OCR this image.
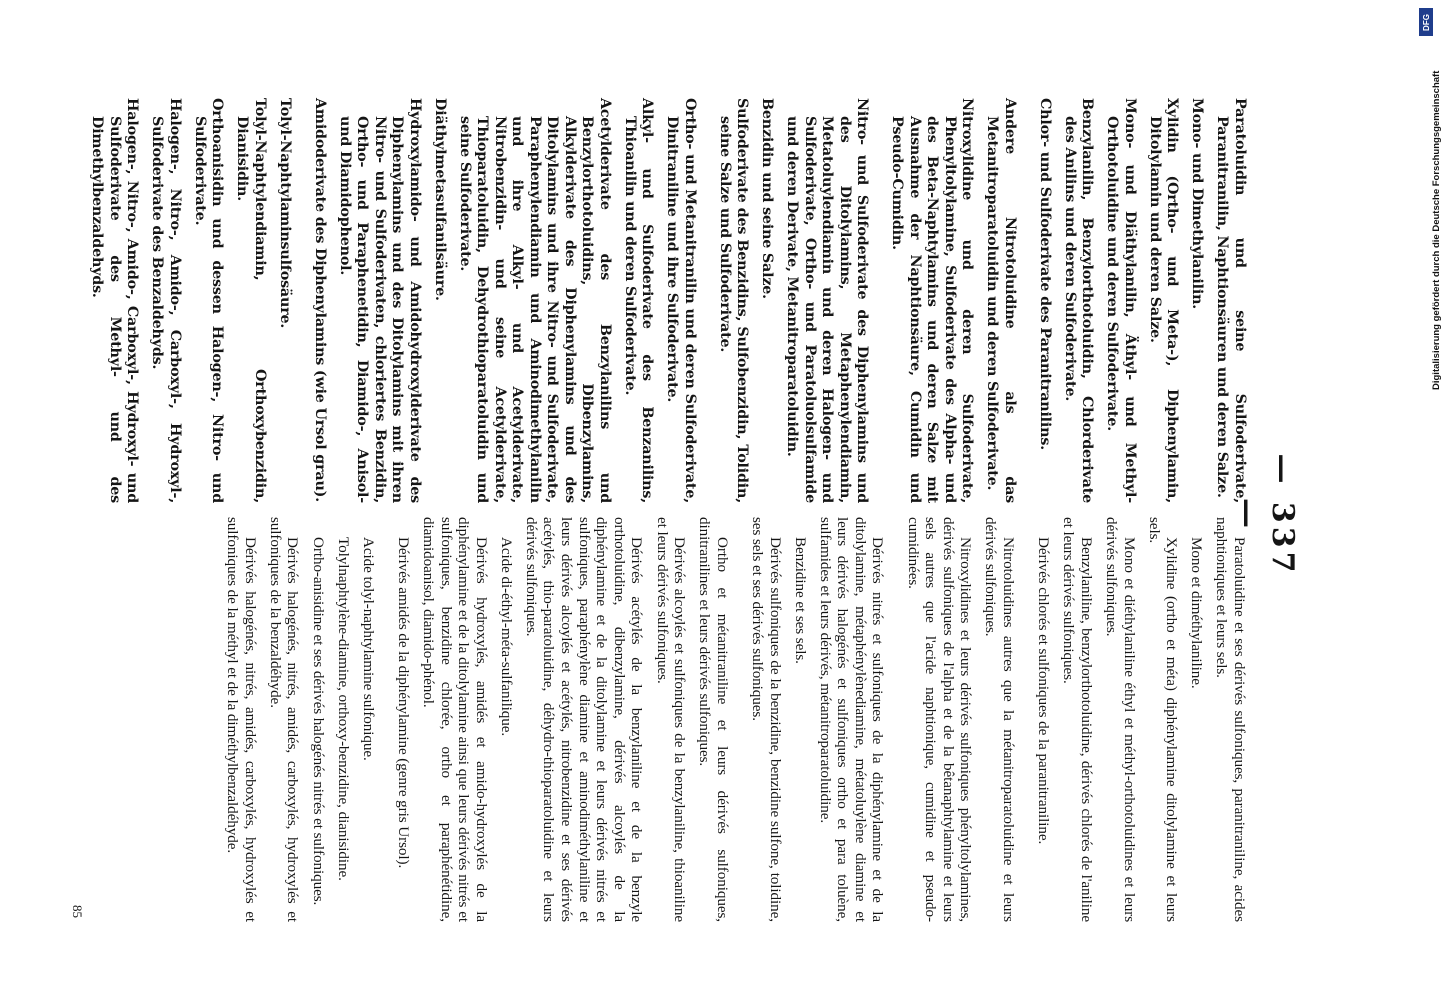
— 337 —

Paratoluidin und seine Sulfoderivate, Paranitranilin, Naphtionsäuren und deren Salze.

Mono- und Dimethylanilin.

Xylidin (Ortho- und Meta-), Diphenylamin, Ditolylamin und deren Salze.

Mono- und Diäthylanilin, Äthyl- und Methyl-Orthotoluidine und deren Sulfoderivate.

Benzylanilin, Benzylorthotoluidin, Chlorderivate des Anilins und deren Sulfoderivate.

Chlor- und Sulfoderivate des Paranitranilins.

Andere Nitrotoluidine als das Metanitroparatoluidin und deren Sulfoderivate.

Nitroxylidine und deren Sulfoderivate, Phenyltolylamine, Sulfoderivate des Alpha- und des Beta-Naphtylamins und deren Salze mit Ausnahme der Naphtionsäure, Cumidin und Pseudo-Cumidin.

Nitro- und Sulfoderivate des Diphenylamins und des Ditolylamins, Metaphenylendiamin, Metatoluylendiamin und deren Halogen- und Sulfoderivate, Ortho- und Paratoluolsulfamide und deren Derivate, Metanitroparatoluidin.

Benzidin und seine Salze.

Sulfoderivate des Benzidins, Sulfobenzidin, Tolidin, seine Salze und Sulfoderivate.

Ortho- und Metanitranilin und deren Sulfoderivate, Dinitraniline und ihre Sulfoderivate.

Alkyl- und Sulfoderivate des Benzanilins, Thioanilin und deren Sulfoderivate.

Acetylderivate des Benzylanilins und Benzylorthotoluidins, Dibenzylamins, Alkylderivate des Diphenylamins und des Ditolylamins und ihre Nitro- und Sulfoderivate, Paraphenylendiamin und Aminodimethylanilin und ihre Alkyl- und Acetylderivate, Nitrobenzidin- und seine Acetylderivate, Thioparatoluidin, Dehydrothioparatoluidin und seine Sulfoderivate.

Diäthylmetasulfanilsäure.

Hydroxylamido- und Amidohydroxylderivate des Diphenylamins und des Ditolylamins mit ihren Nitro- und Sulfoderivaten, chloriertes Benzidin, Ortho- und Paraphenetidin, Diamido-, Anisol- und Diamidophenol.

Amidoderivate des Diphenylamins (wie Ursol grau).

Tolyl-Naphtylaminsulfosäure.

Tolyl-Naphtylendiamin, Orthoxybenzidin, Dianisidin.

Orthoanisidin und dessen Halogen-, Nitro- und Sulfoderivate.

Halogen-, Nitro-, Amido-, Carboxyl-, Hydroxyl-, Sulfoderivate des Benzaldehyds.

Halogen-, Nitro-, Amido-, Carboxyl-, Hydroxyl- und Sulfoderivate des Methyl- und des Dimethylbenzaldehyds.

Paratoluidine et ses dérivés sulfoniques, paranitraniline, acides naphtioniques et leurs sels.

Mono et diméthylaniline.

Xylidine (ortho et méta) diphénylamine ditolylamine et leurs sels.

Mono et diéthylaniline éthyl et méthyl-orthotoluidines et leurs dérivés sulfoniques.

Benzylaniline, benzylorthotoluidine, dérivés chlorés de l'aniline et leurs dérivés sulfoniques.

Dérivés chlorés et sulfoniques de la paranitraniline.

Nitrotoluidines autres que la métanitroparatoluidine et leurs dérivés sulfoniques.

Nitroxylidines et leurs dérivés sulfoniques phényltolylamines, dérivés sulfoniques de l'alpha et de la bêtanaphtylamine et leurs sels autres que l'acide naphtionique, cumidine et pseudo-cumidinées.

Dérivés nitrés et sulfoniques de la diphénylamine et de la ditolylamine, métaphénylènediamine, métatoluylène diamine et leurs dérivés halogénés et sulfoniques ortho et para toluène, sulfamides et leurs dérivés, métanitroparatoluidine.

Benzidine et ses sels.

Dérivés sulfoniques de la benzidine, benzidine sulfone, tolidine, ses sels et ses dérivés sulfoniques.

Ortho et métanitraniline et leurs dérivés sulfoniques, dinitranilines et leurs dérivés sulfoniques.

Dérivés alcoylés et sulfoniques de la benzylaniline, thioaniline et leurs dérivés sulfoniques.

Dérivés acétylés de la benzylaniline et de la benzyle orthotoluidine, dibenzylamine, dérivés alcoylés de la diphénylamine et de la ditolylamine et leurs dérivés nitrés et sulfoniques, paraphénylène diamine et aminodiméthylaniline et leurs dérivés alcoylés et acétylés, nitrobenzidine et ses dérivés acétylés, thio-paratoluidine, déhydro-thioparatoluidine et leurs dérivés sulfoniques.

Acide di-éthyl-méta-sulfanilique.

Dérivés hydroxylés, amidés et amido-hydroxylés de la diphénylamine et de la ditolylamine ainsi que leurs dérivés nitrés et sulfoniques, benzidine chlorée, ortho et paraphénétidine, diamidoanisol, diamido-phénol.

Dérivés amidés de la diphénylamine (genre gris Ursol).

Acide tolyl-naphtylamine sulfonique.

Tolylnaphtylène-diamine, orthoxy-benzidine, dianisidine.

Ortho-anisidine et ses dérivés halogénés nitrés et sulfoniques.

Dérivés halogénés, nitrés, amidés, carboxylés, hydroxylés et sulfoniques de la benzaldéhyde.

Dérivés halogénés, nitrés, amidés, carboxylés, hydroxylés et sulfoniques de la méthyl et de la diméthylbenzaldéhyde.

85
DFG
Digitalisierung gefördert durch die Deutsche Forschungsgemeinschaft
